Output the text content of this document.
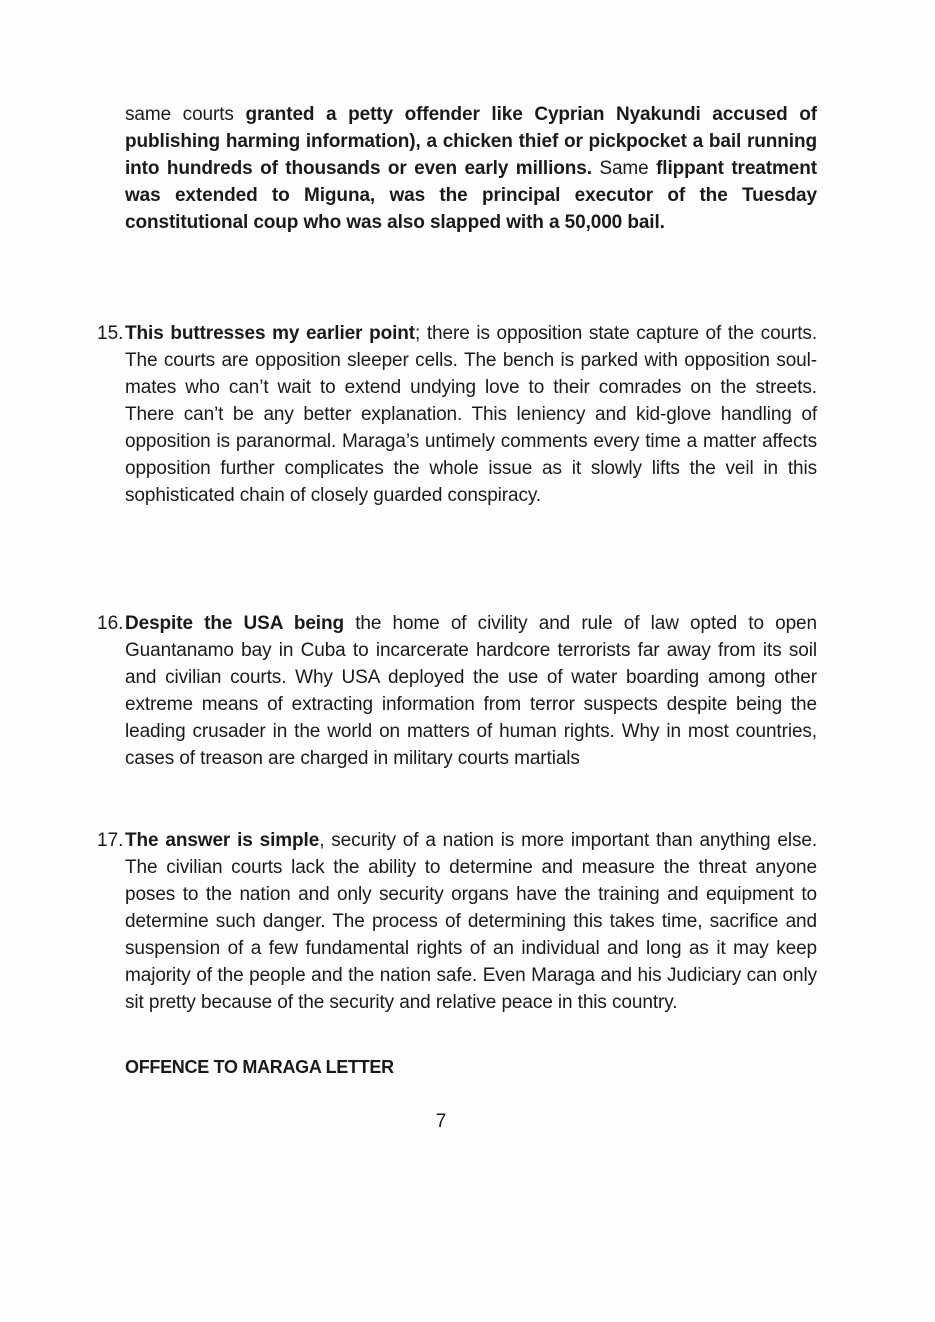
same courts granted a petty offender like Cyprian Nyakundi accused of publishing harming information), a chicken thief or pickpocket a bail running into hundreds of thousands or even early millions. Same flippant treatment was extended to Miguna, was the principal executor of the Tuesday constitutional coup who was also slapped with a 50,000 bail.
15. This buttresses my earlier point; there is opposition state capture of the courts. The courts are opposition sleeper cells. The bench is parked with opposition soul-mates who can’t wait to extend undying love to their comrades on the streets. There can’t be any better explanation. This leniency and kid-glove handling of opposition is paranormal. Maraga’s untimely comments every time a matter affects opposition further complicates the whole issue as it slowly lifts the veil in this sophisticated chain of closely guarded conspiracy.
16. Despite the USA being the home of civility and rule of law opted to open Guantanamo bay in Cuba to incarcerate hardcore terrorists far away from its soil and civilian courts. Why USA deployed the use of water boarding among other extreme means of extracting information from terror suspects despite being the leading crusader in the world on matters of human rights. Why in most countries, cases of treason are charged in military courts martials
17. The answer is simple, security of a nation is more important than anything else. The civilian courts lack the ability to determine and measure the threat anyone poses to the nation and only security organs have the training and equipment to determine such danger. The process of determining this takes time, sacrifice and suspension of a few fundamental rights of an individual and long as it may keep majority of the people and the nation safe. Even Maraga and his Judiciary can only sit pretty because of the security and relative peace in this country.
OFFENCE TO MARAGA LETTER
7
